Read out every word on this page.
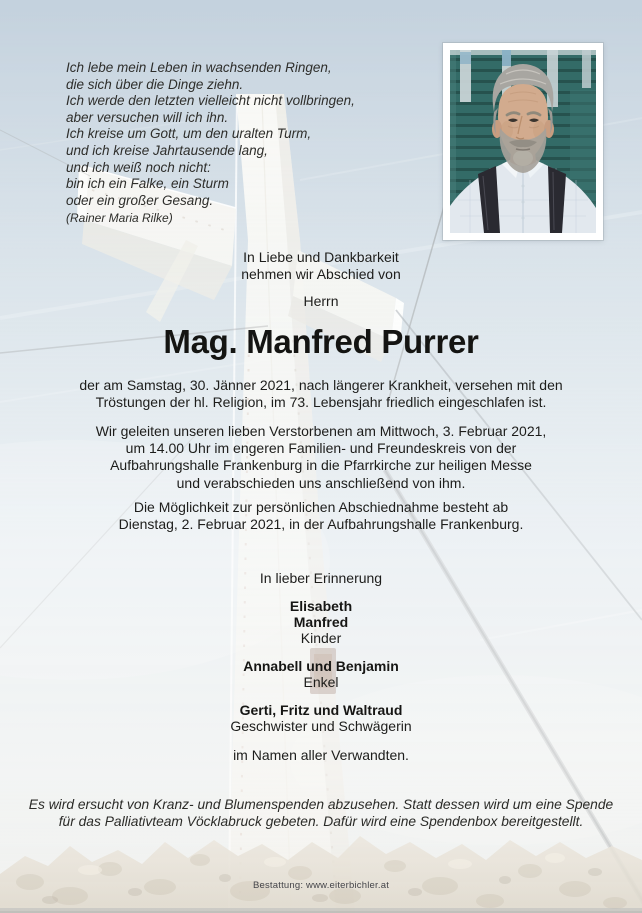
Ich lebe mein Leben in wachsenden Ringen,
die sich über die Dinge ziehn.
Ich werde den letzten vielleicht nicht vollbringen,
aber versuchen will ich ihn.
Ich kreise um Gott, um den uralten Turm,
und ich kreise Jahrtausende lang,
und ich weiß noch nicht:
bin ich ein Falke, ein Sturm
oder ein großer Gesang.
(Rainer Maria Rilke)
In Liebe und Dankbarkeit
nehmen wir Abschied von
Herrn
Mag. Manfred Purrer
der am Samstag, 30. Jänner 2021, nach längerer Krankheit, versehen mit den
Tröstungen der hl. Religion, im 73. Lebensjahr friedlich eingeschlafen ist.
Wir geleiten unseren lieben Verstorbenen am Mittwoch, 3. Februar 2021,
um 14.00 Uhr im engeren Familien- und Freundeskreis von der
Aufbahrungshalle Frankenburg in die Pfarrkirche zur heiligen Messe
und verabschieden uns anschließend von ihm.
Die Möglichkeit zur persönlichen Abschiednahme besteht ab
Dienstag, 2. Februar 2021, in der Aufbahrungshalle Frankenburg.
In lieber Erinnerung
Elisabeth
Manfred
Kinder
Annabell und Benjamin
Enkel
Gerti, Fritz und Waltraud
Geschwister und Schwägerin
im Namen aller Verwandten.
Es wird ersucht von Kranz- und Blumenspenden abzusehen. Statt dessen wird um eine Spende
für das Palliativteam Vöcklabruck gebeten. Dafür wird eine Spendenbox bereitgestellt.
Bestattung: www.eiterbichler.at
